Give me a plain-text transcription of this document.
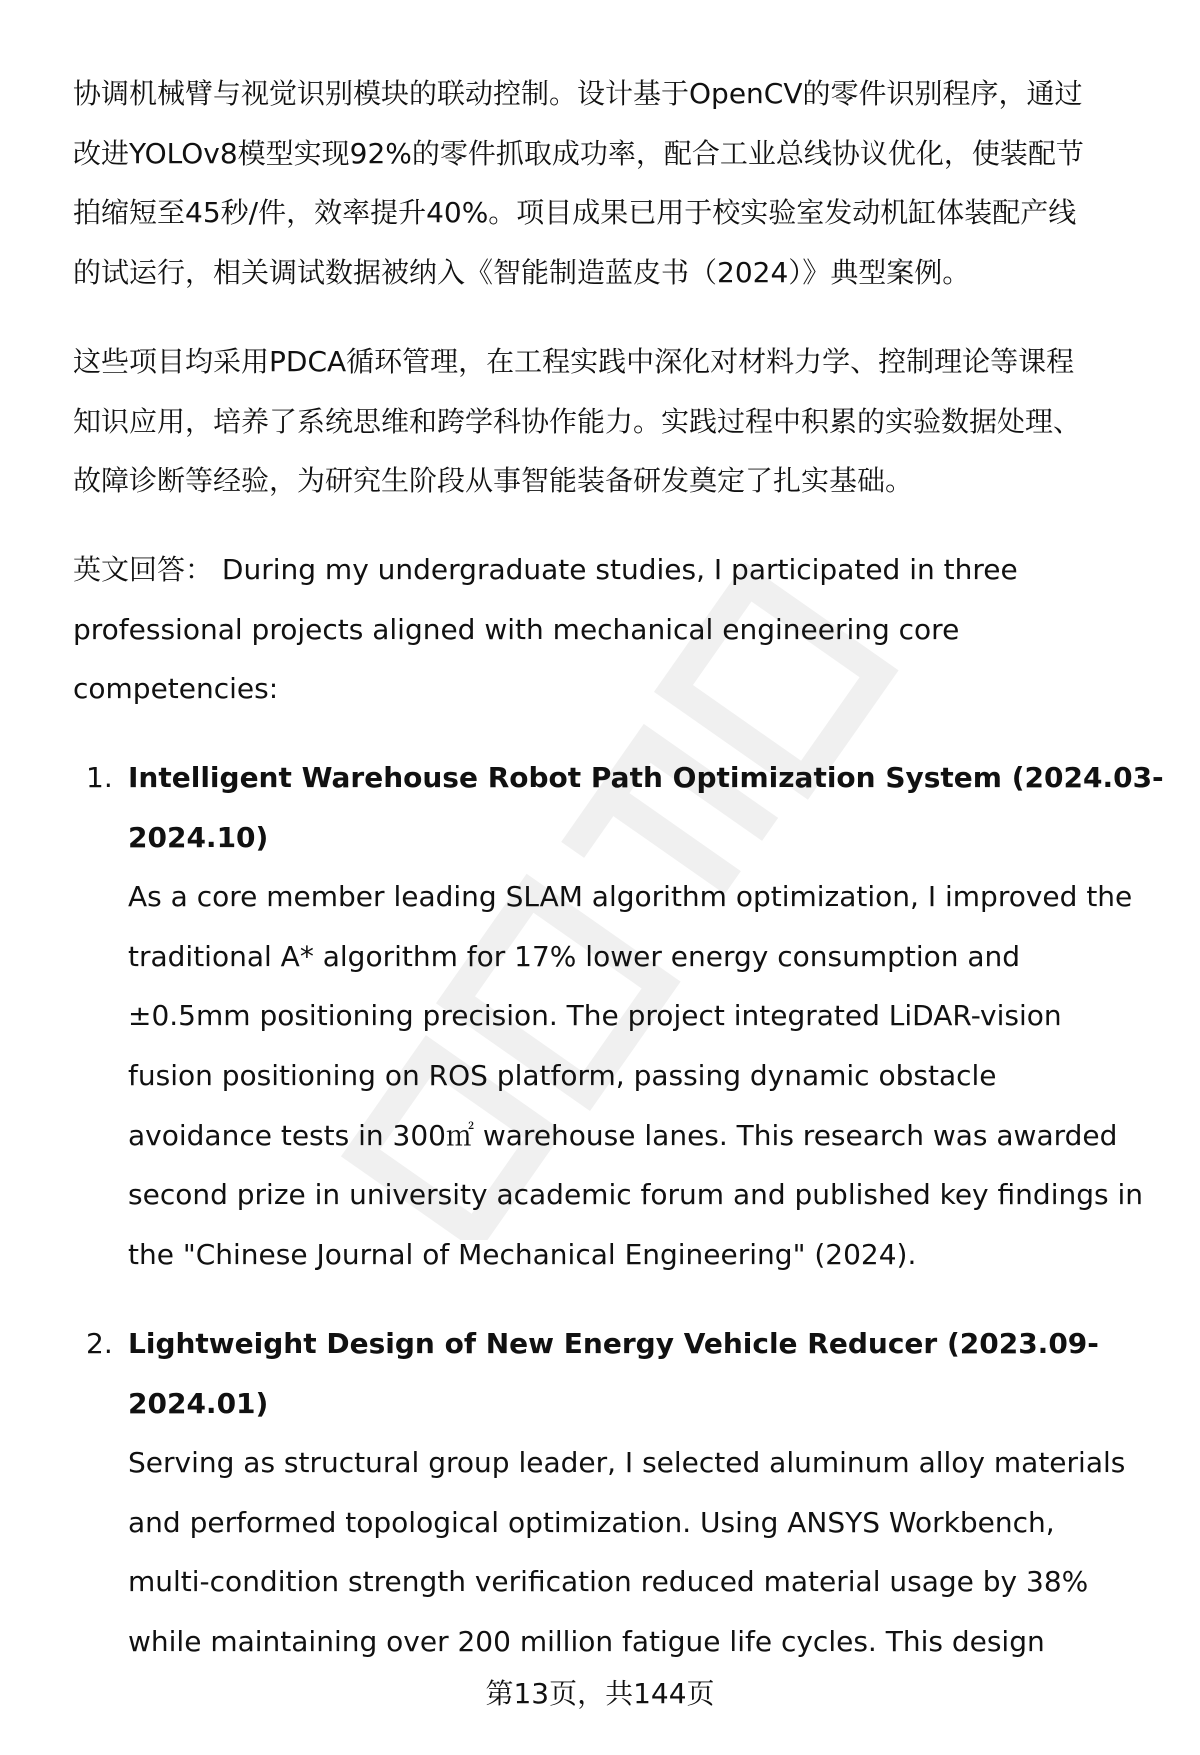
协调机械臂与视觉识别模块的联动控制。设计基于OpenCV的零件识别程序，通过
改进YOLOv8模型实现92%的零件抓取成功率，配合工业总线协议优化，使装配节
拍缩短至45秒/件，效率提升40%。项目成果已用于校实验室发动机缸体装配产线
的试运行，相关调试数据被纳入《智能制造蓝皮书（2024）》典型案例。
这些项目均采用PDCA循环管理，在工程实践中深化对材料力学、控制理论等课程
知识应用，培养了系统思维和跨学科协作能力。实践过程中积累的实验数据处理、
故障诊断等经验，为研究生阶段从事智能装备研发奠定了扎实基础。
英文回答： During my undergraduate studies, I participated in three
professional projects aligned with mechanical engineering core
competencies:
1. Intelligent Warehouse Robot Path Optimization System (2024.03-
2024.10)
As a core member leading SLAM algorithm optimization, I improved the
traditional A* algorithm for 17% lower energy consumption and
±0.5mm positioning precision. The project integrated LiDAR-vision
fusion positioning on ROS platform, passing dynamic obstacle
avoidance tests in 300㎡ warehouse lanes. This research was awarded
second prize in university academic forum and published key findings in
the "Chinese Journal of Mechanical Engineering" (2024).
2. Lightweight Design of New Energy Vehicle Reducer (2023.09-
2024.01)
Serving as structural group leader, I selected aluminum alloy materials
and performed topological optimization. Using ANSYS Workbench,
multi-condition strength verification reduced material usage by 38%
while maintaining over 200 million fatigue life cycles. This design
第13页，共144页
